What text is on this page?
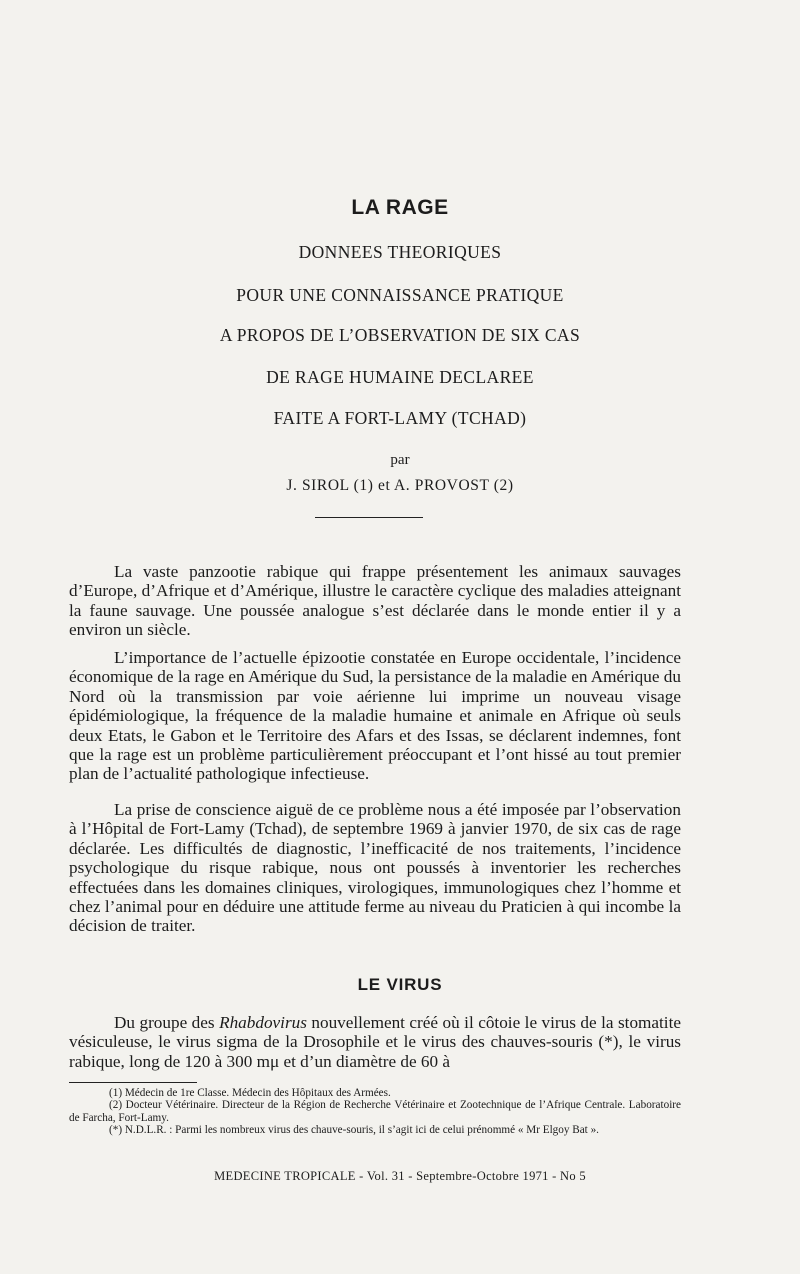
LA RAGE
DONNEES THEORIQUES
POUR UNE CONNAISSANCE PRATIQUE
A PROPOS DE L’OBSERVATION DE SIX CAS
DE RAGE HUMAINE DECLAREE
FAITE A FORT-LAMY (TCHAD)
par
J. SIROL (1) et A. PROVOST (2)

La vaste panzootie rabique qui frappe présentement les animaux sauvages d’Europe, d’Afrique et d’Amérique, illustre le caractère cyclique des maladies atteignant la faune sauvage. Une poussée analogue s’est déclarée dans le monde entier il y a environ un siècle.

L’importance de l’actuelle épizootie constatée en Europe occidentale, l’incidence économique de la rage en Amérique du Sud, la persistance de la maladie en Amérique du Nord où la transmission par voie aérienne lui imprime un nouveau visage épidémiologique, la fréquence de la maladie humaine et animale en Afrique où seuls deux Etats, le Gabon et le Territoire des Afars et des Issas, se déclarent indemnes, font que la rage est un problème particulièrement préoccupant et l’ont hissé au tout premier plan de l’actualité pathologique infectieuse.

La prise de conscience aiguë de ce problème nous a été imposée par l’observation à l’Hôpital de Fort-Lamy (Tchad), de septembre 1969 à janvier 1970, de six cas de rage déclarée. Les difficultés de diagnostic, l’inefficacité de nos traitements, l’incidence psychologique du risque rabique, nous ont poussés à inventorier les recherches effectuées dans les domaines cliniques, virologiques, immunologiques chez l’homme et chez l’animal pour en déduire une attitude ferme au niveau du Praticien à qui incombe la décision de traiter.

LE VIRUS

Du groupe des Rhabdovirus nouvellement créé où il côtoie le virus de la stomatite vésiculeuse, le virus sigma de la Drosophile et le virus des chauves-souris (*), le virus rabique, long de 120 à 300 mμ et d’un diamètre de 60 à

(1) Médecin de 1re Classe. Médecin des Hôpitaux des Armées.

(2) Docteur Vétérinaire. Directeur de la Région de Recherche Vétérinaire et Zootechnique de l’Afrique Centrale. Laboratoire de Farcha, Fort-Lamy.

(*) N.D.L.R. : Parmi les nombreux virus des chauve-souris, il s’agit ici de celui prénommé « Mr Elgoy Bat ».

MEDECINE TROPICALE - Vol. 31 - Septembre-Octobre 1971 - No 5
